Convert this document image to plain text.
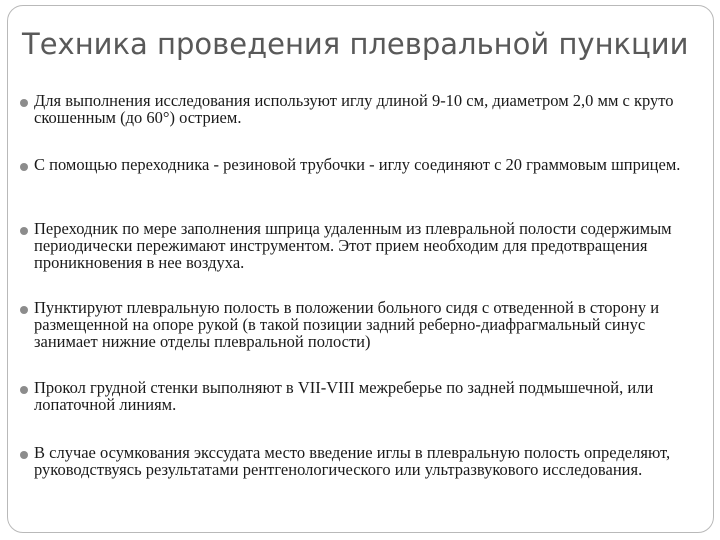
Техника проведения плевральной пункции
Для выполнения исследования используют иглу длиной 9-10 см, диаметром 2,0 мм с круто скошенным (до 60°) острием.
С помощью переходника - резиновой трубочки - иглу соединяют с 20 граммовым шприцем.
Переходник по мере заполнения шприца удаленным из плевральной полости содержимым периодически пережимают инструментом. Этот прием необходим для предотвращения проникновения в нее воздуха.
Пунктируют плевральную полость в положении больного сидя с отведенной в сторону и размещенной на опоре рукой (в такой позиции задний реберно-диафрагмальный синус занимает нижние отделы плевральной полости)
Прокол грудной стенки выполняют в VII-VIII межреберье по задней подмышечной, или лопаточной линиям.
В случае осумкования экссудата место введение иглы в плевральную полость определяют, руководствуясь результатами рентгенологического или ультразвукового исследования.
